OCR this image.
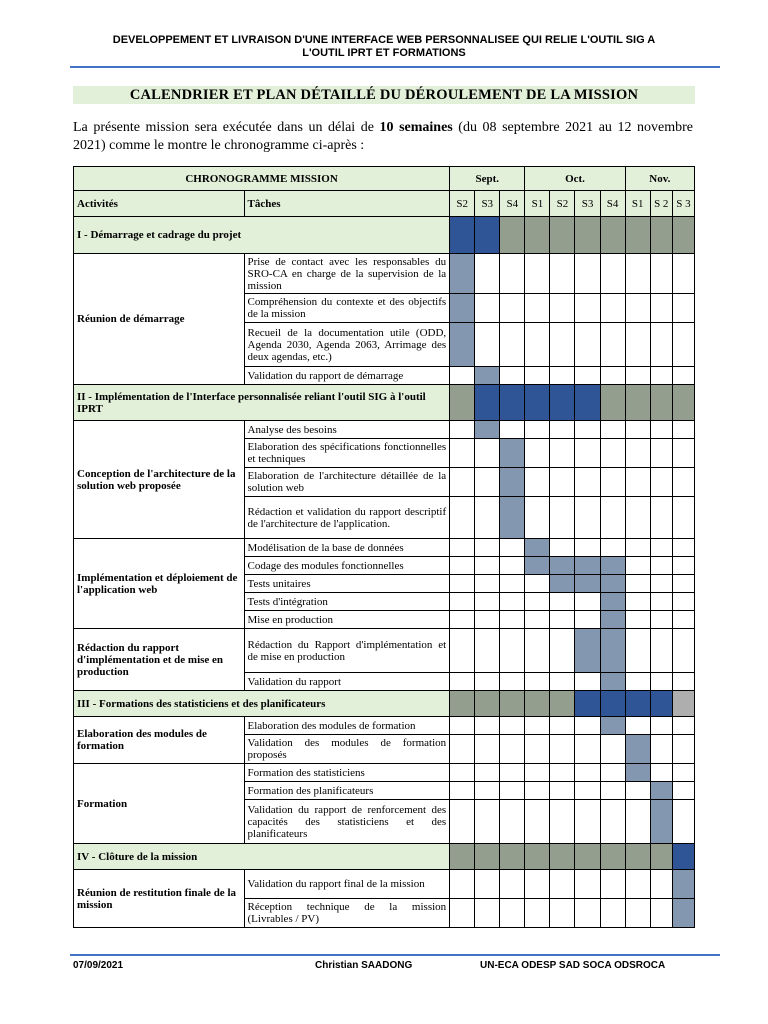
DEVELOPPEMENT ET LIVRAISON D'UNE INTERFACE WEB PERSONNALISEE QUI RELIE L'OUTIL SIG A
L'OUTIL IPRT ET FORMATIONS
CALENDRIER ET PLAN DÉTAILLÉ DU DÉROULEMENT DE LA MISSION
La présente mission sera exécutée dans un délai de 10 semaines (du 08 septembre 2021 au 12 novembre 2021) comme le montre le chronogramme ci-après :
CHRONOGRAMME MISSION		Sept.			Oct.				Nov.		
Activités	Tâches	S2	S3	S4	S1	S2	S3	S4	S1	S 2	S 3
I - Démarrage et cadrage du projet											
Réunion de démarrage	Prise de contact avec les responsables du SRO-CA en charge de la supervision de la mission										
	Compréhension du contexte et des objectifs de la mission										
	Recueil de la documentation utile (ODD, Agenda 2030, Agenda 2063, Arrimage des deux agendas, etc.)										
	Validation du rapport de démarrage										
II - Implémentation de l'Interface personnalisée reliant l'outil SIG à l'outil IPRT											
Conception de l'architecture de la solution web proposée	Analyse des besoins										
	Elaboration des spécifications fonctionnelles et techniques										
	Elaboration de l'architecture détaillée de la solution web										
	Rédaction et validation du rapport descriptif de l'architecture de l'application.										
Implémentation et déploiement de l'application web	Modélisation de la base de données										
	Codage des modules fonctionnelles										
	Tests unitaires										
	Tests d'intégration										
	Mise en production										
Rédaction du rapport d'implémentation et de mise en production	Rédaction du Rapport d'implémentation et de mise en production										
	Validation du rapport										
III - Formations des statisticiens et des planificateurs											
Elaboration des modules de formation	Elaboration des modules de formation										
	Validation des modules de formation proposés										
Formation	Formation des statisticiens										
	Formation des planificateurs										
	Validation du rapport de renforcement des capacités des statisticiens et des planificateurs										
IV - Clôture de la mission											
Réunion de restitution finale de la mission	Validation du rapport final de la mission										
	Réception technique de la mission (Livrables / PV)										
07/09/2021	Christian SAADONG	UN-ECA ODESP SAD SOCA ODSROCA
